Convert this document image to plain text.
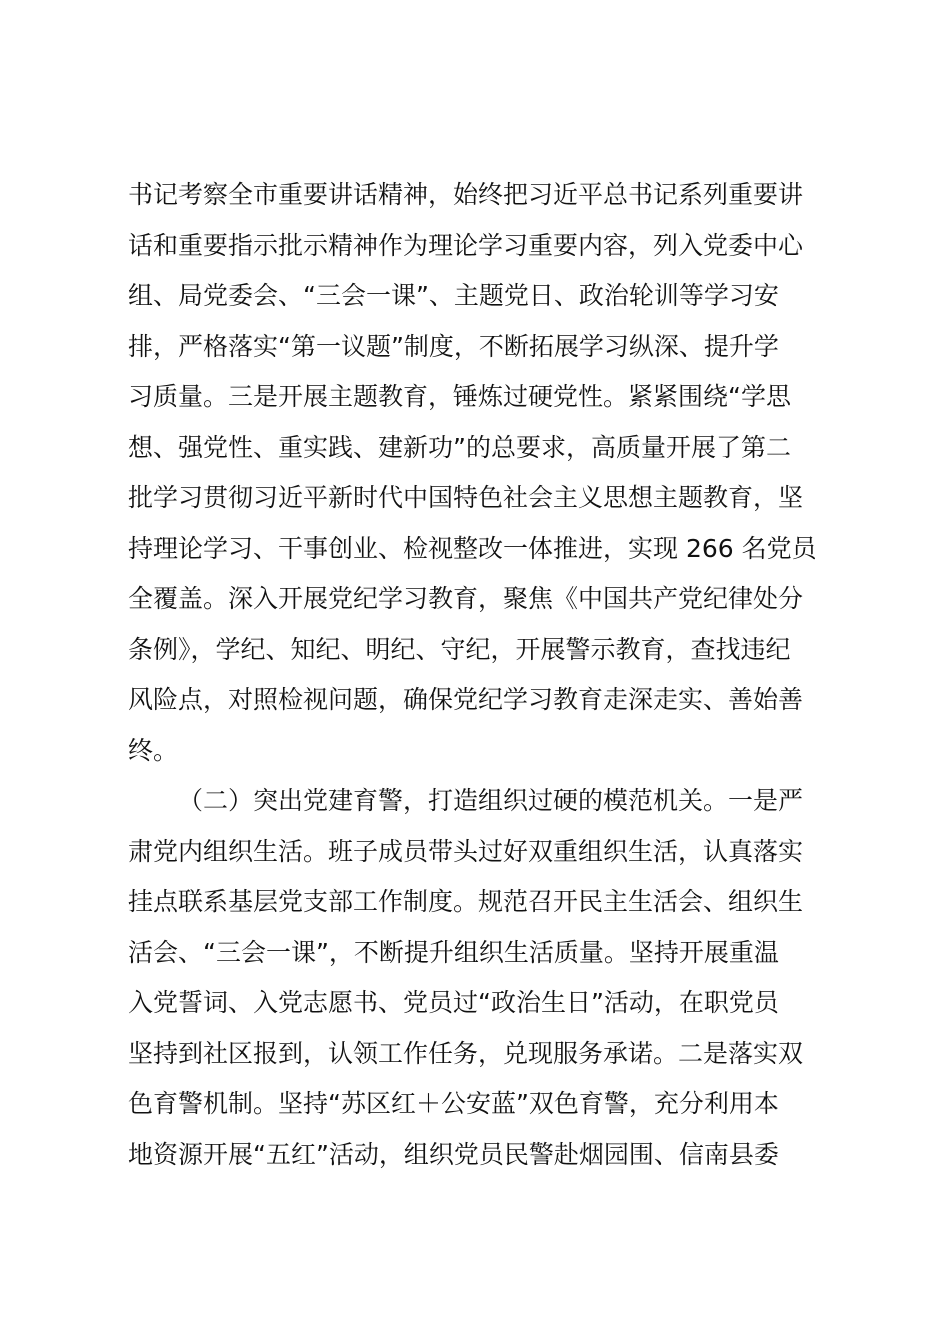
书记考察全市重要讲话精神，始终把习近平总书记系列重要讲
话和重要指示批示精神作为理论学习重要内容，列入党委中心
组、局党委会、“三会一课”、主题党日、政治轮训等学习安
排，严格落实“第一议题”制度，不断拓展学习纵深、提升学
习质量。三是开展主题教育，锤炼过硬党性。紧紧围绕“学思
想、强党性、重实践、建新功”的总要求，高质量开展了第二
批学习贯彻习近平新时代中国特色社会主义思想主题教育，坚
持理论学习、干事创业、检视整改一体推进，实现 266 名党员
全覆盖。深入开展党纪学习教育，聚焦《中国共产党纪律处分
条例》，学纪、知纪、明纪、守纪，开展警示教育，查找违纪
风险点，对照检视问题，确保党纪学习教育走深走实、善始善
终。
（二）突出党建育警，打造组织过硬的模范机关。一是严
肃党内组织生活。班子成员带头过好双重组织生活，认真落实
挂点联系基层党支部工作制度。规范召开民主生活会、组织生
活会、“三会一课”，不断提升组织生活质量。坚持开展重温
入党誓词、入党志愿书、党员过“政治生日”活动，在职党员
坚持到社区报到，认领工作任务，兑现服务承诺。二是落实双
色育警机制。坚持“苏区红＋公安蓝”双色育警，充分利用本
地资源开展“五红”活动，组织党员民警赴烟园围、信南县委
